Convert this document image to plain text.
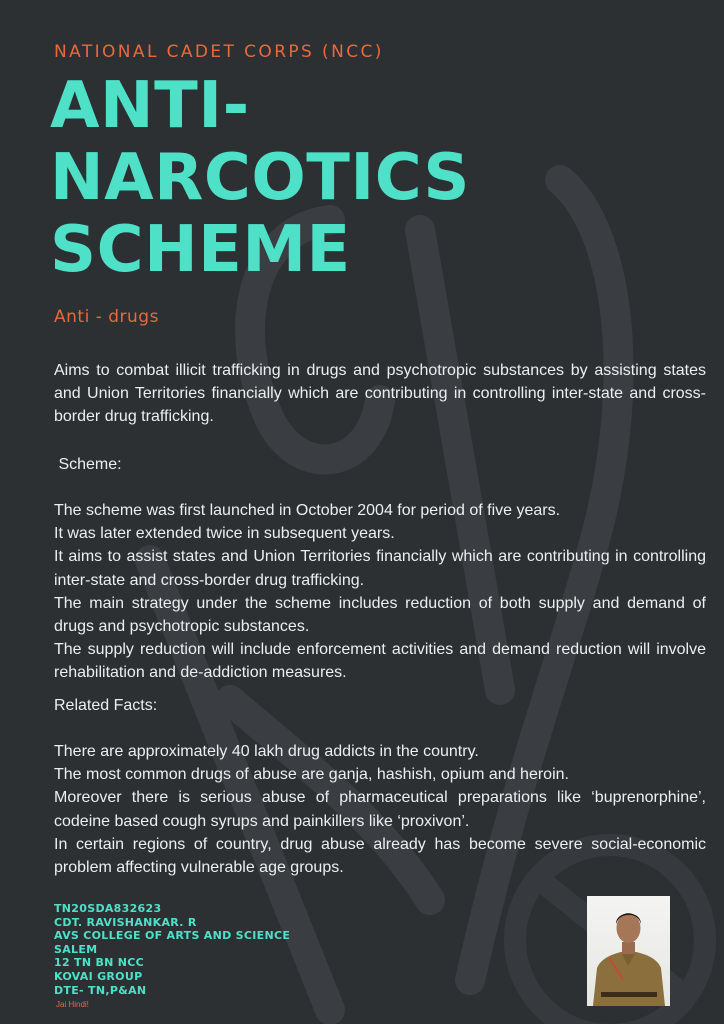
NATIONAL CADET CORPS (NCC)
ANTI-
NARCOTICS
SCHEME
Anti - drugs

Aims to combat illicit trafficking in drugs and psychotropic substances by assisting states and Union Territories financially which are contributing in controlling inter-state and cross-border drug trafficking.

Scheme:

The scheme was first launched in October 2004 for period of five years.

It was later extended twice in subsequent years.

It aims to assist states and Union Territories financially which are contributing in controlling inter-state and cross-border drug trafficking.

The main strategy under the scheme includes reduction of both supply and demand of drugs and psychotropic substances.

The supply reduction will include enforcement activities and demand reduction will involve rehabilitation and de-addiction measures.

Related Facts:

There are approximately 40 lakh drug addicts in the country.

The most common drugs of abuse are ganja, hashish, opium and heroin.

Moreover there is serious abuse of pharmaceutical preparations like ‘buprenorphine’, codeine based cough syrups and painkillers like ‘proxivon’.

In certain regions of country, drug abuse already has become severe social-economic problem affecting vulnerable age groups.

TN20SDA832623
CDT. RAVISHANKAR. R
AVS COLLEGE OF ARTS AND SCIENCE
SALEM
12 TN BN NCC
KOVAI GROUP
DTE- TN,P&AN
Jai Hindi!
